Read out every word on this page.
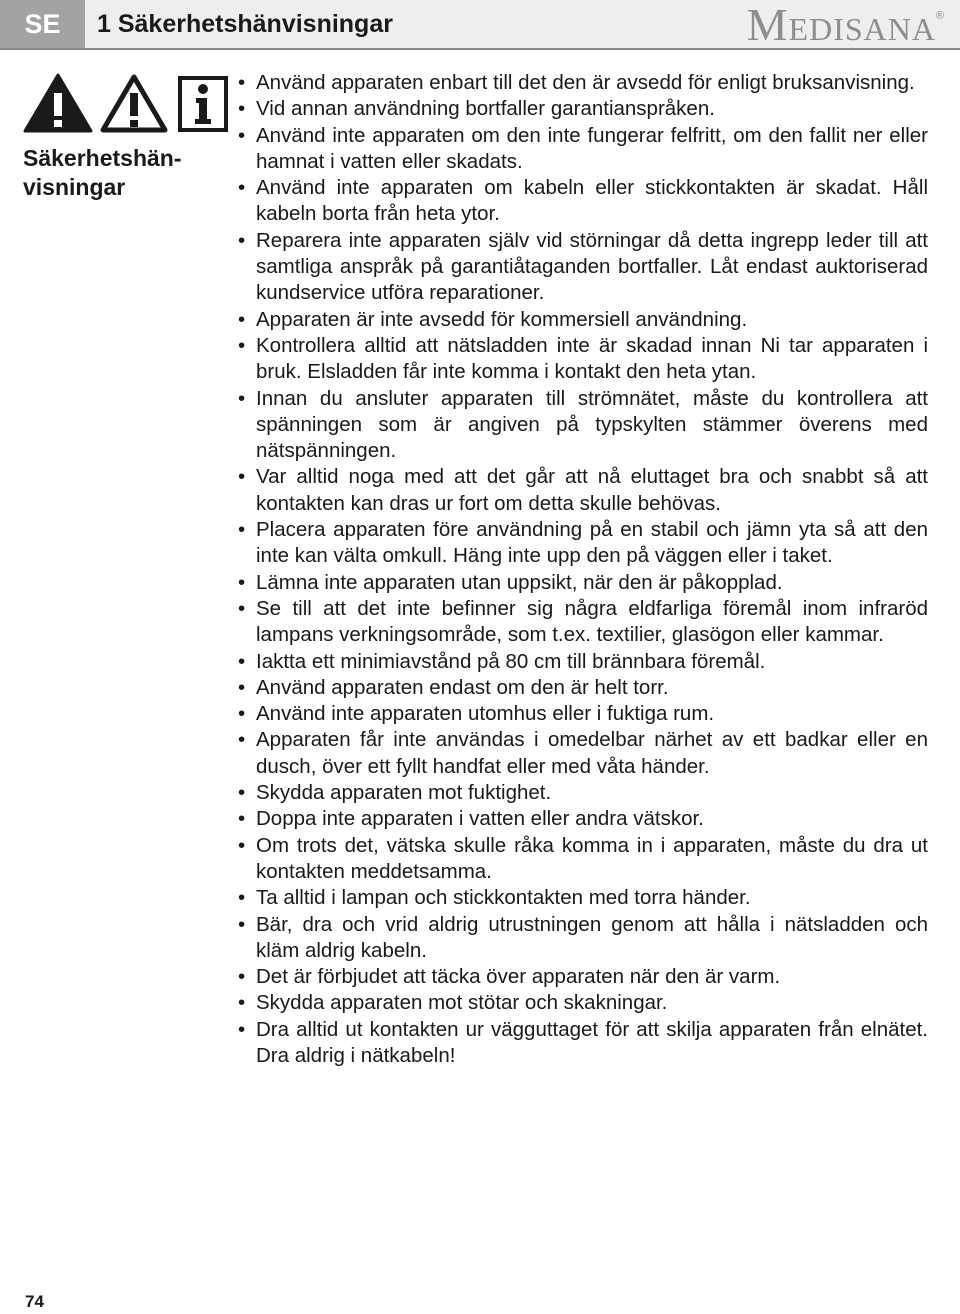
SE	1 Säkerhetshänvisningar	Medisana ®
Säkerhetshän-
visningar
• Använd apparaten enbart till det den är avsedd för enligt bruksanvisning.
• Vid annan användning bortfaller garantianspråken.
• Använd inte apparaten om den inte fungerar felfritt, om den fallit ner eller hamnat i vatten eller skadats.
• Använd inte apparaten om kabeln eller stickkontakten är skadat. Håll kabeln borta från heta ytor.
• Reparera inte apparaten själv vid störningar då detta ingrepp leder till att samtliga anspråk på garantiåtaganden bortfaller. Låt endast auktoriserad kundservice utföra reparationer.
• Apparaten är inte avsedd för kommersiell användning.
• Kontrollera alltid att nätsladden inte är skadad innan Ni tar apparaten i bruk. Elsladden får inte komma i kontakt den heta ytan.
• Innan du ansluter apparaten till strömnätet, måste du kontrollera att spänningen som är angiven på typskylten stämmer överens med nätspänningen.
• Var alltid noga med att det går att nå eluttaget bra och snabbt så att kontakten kan dras ur fort om detta skulle behövas.
• Placera apparaten före användning på en stabil och jämn yta så att den inte kan välta omkull. Häng inte upp den på väggen eller i taket.
• Lämna inte apparaten utan uppsikt, när den är påkopplad.
• Se till att det inte befinner sig några eldfarliga föremål inom infraröd lampans verkningsområde, som t.ex. textilier, glasögon eller kammar.
• Iaktta ett minimiavstånd på 80 cm till brännbara föremål.
• Använd apparaten endast om den är helt torr.
• Använd inte apparaten utomhus eller i fuktiga rum.
• Apparaten får inte användas i omedelbar närhet av ett badkar eller en dusch, över ett fyllt handfat eller med våta händer.
• Skydda apparaten mot fuktighet.
• Doppa inte apparaten i vatten eller andra vätskor.
• Om trots det, vätska skulle råka komma in i apparaten, måste du dra ut kontakten meddetsamma.
• Ta alltid i lampan och stickkontakten med torra händer.
• Bär, dra och vrid aldrig utrustningen genom att hålla i nätsladden och kläm aldrig kabeln.
• Det är förbjudet att täcka över apparaten när den är varm.
• Skydda apparaten mot stötar och skakningar.
• Dra alltid ut kontakten ur vägguttaget för att skilja apparaten från elnätet. Dra aldrig i nätkabeln!
74
